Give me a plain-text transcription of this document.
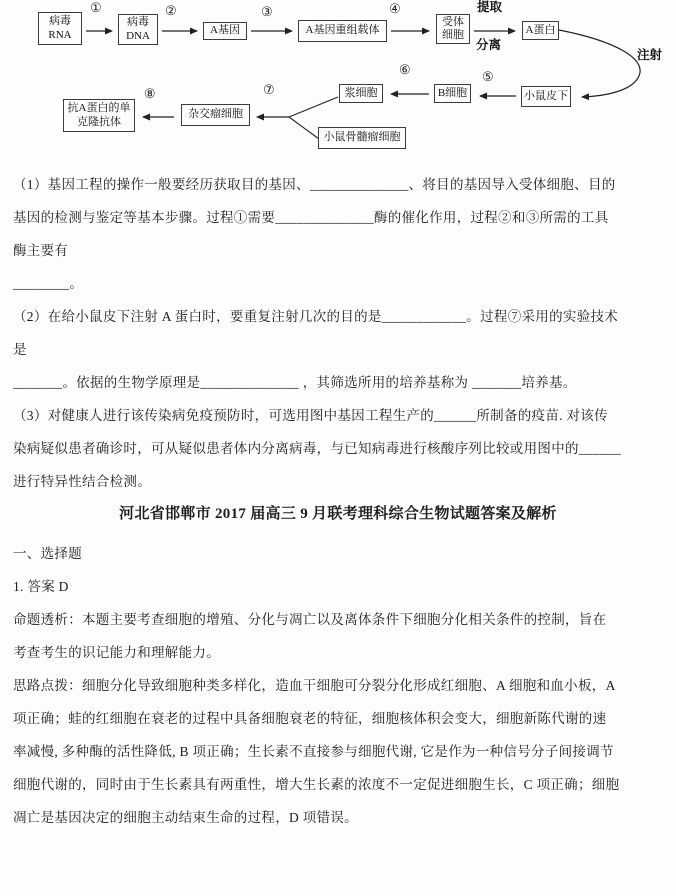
病毒
RNA
病毒
DNA	A基因	A基因重组载体
受体
细胞	A蛋白
小鼠皮下
B细胞
浆细胞
小鼠骨髓瘤细胞
杂交瘤细胞
抗A蛋白的单
克隆抗体
①	②	③	④
⑤
⑥
⑦
⑧
提取
分离
注射

（1）基因工程的操作一般要经历获取目的基因、______________、将目的基因导入受体细胞、目的
基因的检测与鉴定等基本步骤。过程①需要______________酶的催化作用，过程②和③所需的工具
酶主要有
________。

（2）在给小鼠皮下注射 A 蛋白时，要重复注射几次的目的是____________。过程⑦采用的实验技术
是
_______。依据的生物学原理是______________ ，其筛选所用的培养基称为 _______培养基。

（3）对健康人进行该传染病免疫预防时，可选用图中基因工程生产的______所制备的疫苗. 对该传
染病疑似患者确诊时，可从疑似患者体内分离病毒，与已知病毒进行核酸序列比较或用图中的______
进行特异性结合检测。

河北省邯郸市 2017 届高三 9 月联考理科综合生物试题答案及解析

一、选择题

1. 答案 D

命题透析：本题主要考查细胞的增殖、分化与凋亡以及离体条件下细胞分化相关条件的控制，旨在
考查考生的识记能力和理解能力。

思路点拨：细胞分化导致细胞种类多样化，造血干细胞可分裂分化形成红细胞、A 细胞和血小板，A
项正确；蛙的红细胞在衰老的过程中具备细胞衰老的特征，细胞核体积会变大，细胞新陈代谢的速
率减慢, 多种酶的活性降低, B 项正确；生长素不直接参与细胞代谢, 它是作为一种信号分子间接调节
细胞代谢的，同时由于生长素具有两重性，增大生长素的浓度不一定促进细胞生长，C 项正确；细胞
凋亡是基因决定的细胞主动结束生命的过程，D 项错误。
